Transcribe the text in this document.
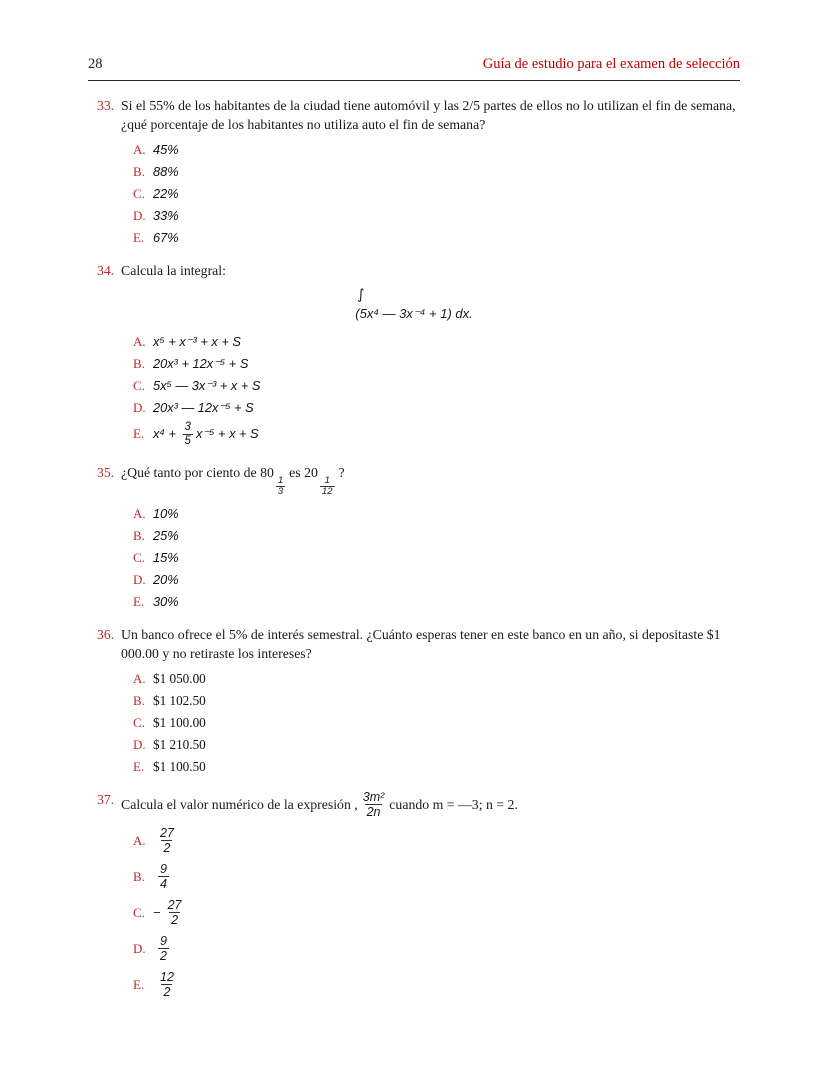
28	Guía de estudio para el examen de selección
33. Si el 55% de los habitantes de la ciudad tiene automóvil y las 2/5 partes de ellos no lo utilizan el fin de semana, ¿qué porcentaje de los habitantes no utiliza auto el fin de semana?
A. 45%
B. 88%
C. 22%
D. 33%
E. 67%
34. Calcula la integral:
∫
(5x⁴ — 3x⁻⁴ + 1) dx.
A. x⁵ + x⁻³ + x + S
B. 20x³ + 12x⁻⁵ + S
C. 5x⁵ — 3x⁻³ + x + S
D. 20x³ — 12x⁻⁵ + S
E. $x^4 + \frac{3}{5} x^{-5} + x + S$
35. ¿Qué tanto por ciento de 80
$\frac{1}{3}$
es 20
$\frac{1}{12}$
?
A. 10%
B. 25%
C. 15%
D. 20%
E. 30%
36. Un banco ofrece el 5% de interés semestral. ¿Cuánto esperas tener en este banco en un año, si depositaste $1 000.00 y no retiraste los intereses?
A. $1 050.00
B. $1 102.50
C. $1 100.00
D. $1 210.50
E. $1 100.50
37. Calcula el valor numérico de la expresión , $\frac{\text{3m²}}{2n}$ cuando m = —3; n = 2.
A. $\frac{27}{2}$
B.	$\frac{9}{4}$
C. − $\frac{27}{2}$
D. $\frac{9}{2}$
E.	$\frac{12}{2}$
